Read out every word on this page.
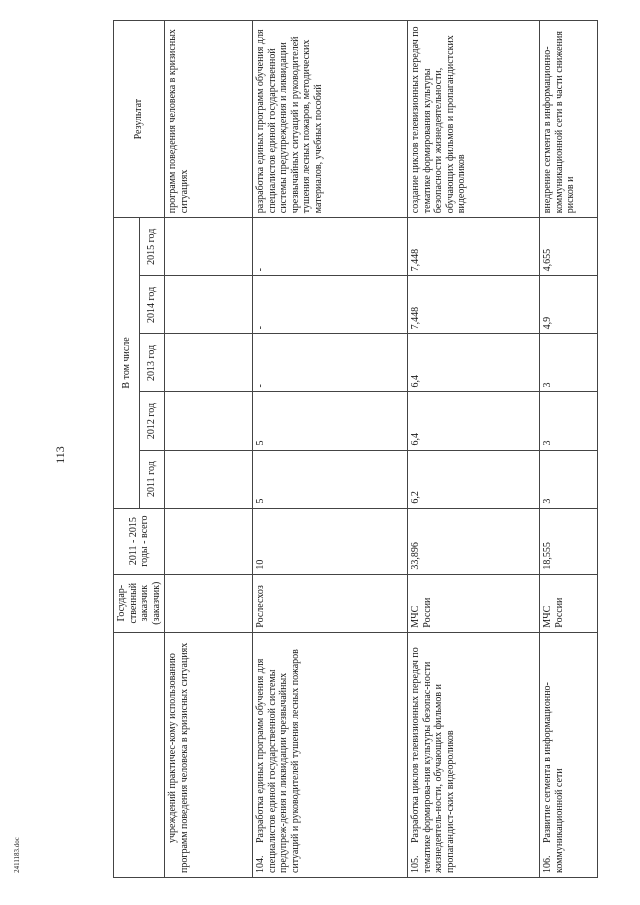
113
2411183.doc
	Государ-ственный заказчик (заказчик)	2011 - 2015 годы - всего	В том числе					Результат
			2011 год	2012 год	2013 год	2014 год	2015 год	
учреждений практичес-кому использованию программ поведения человека в кризисных ситуациях								программ поведения человека в кризисных ситуациях
104.Разработка единых программ обучения для специалистов единой государственной системы предупреж-дения и ликвидации чрезвычайных ситуаций и руководителей тушения лесных пожаров	Рослесхоз	10	5	5	-	-	-	разработка единых программ обучения для специалистов единой государственной системы предупреждения и ликвидации чрезвычайных ситуаций и руководителей тушения лесных пожаров, методических материалов, учебных пособий
105.Разработка циклов телевизионных передач по тематике формирова-ния культуры безопас-ности жизнедеятель-ности, обучающих фильмов и пропагандист-ских видеороликов	МЧС России	33,896	6,2	6,4	6,4	7,448	7,448	создание циклов телевизионных передач по тематике формирования культуры безопасности жизнедеятельности, обучающих фильмов и пропагандистских видеороликов
106.Развитие сегмента в информационно-коммуникационной сети	МЧС России	18,555	3	3	3	4,9	4,655	внедрение сегмента в информационно-коммуникационной сети в части снижения рисков и
